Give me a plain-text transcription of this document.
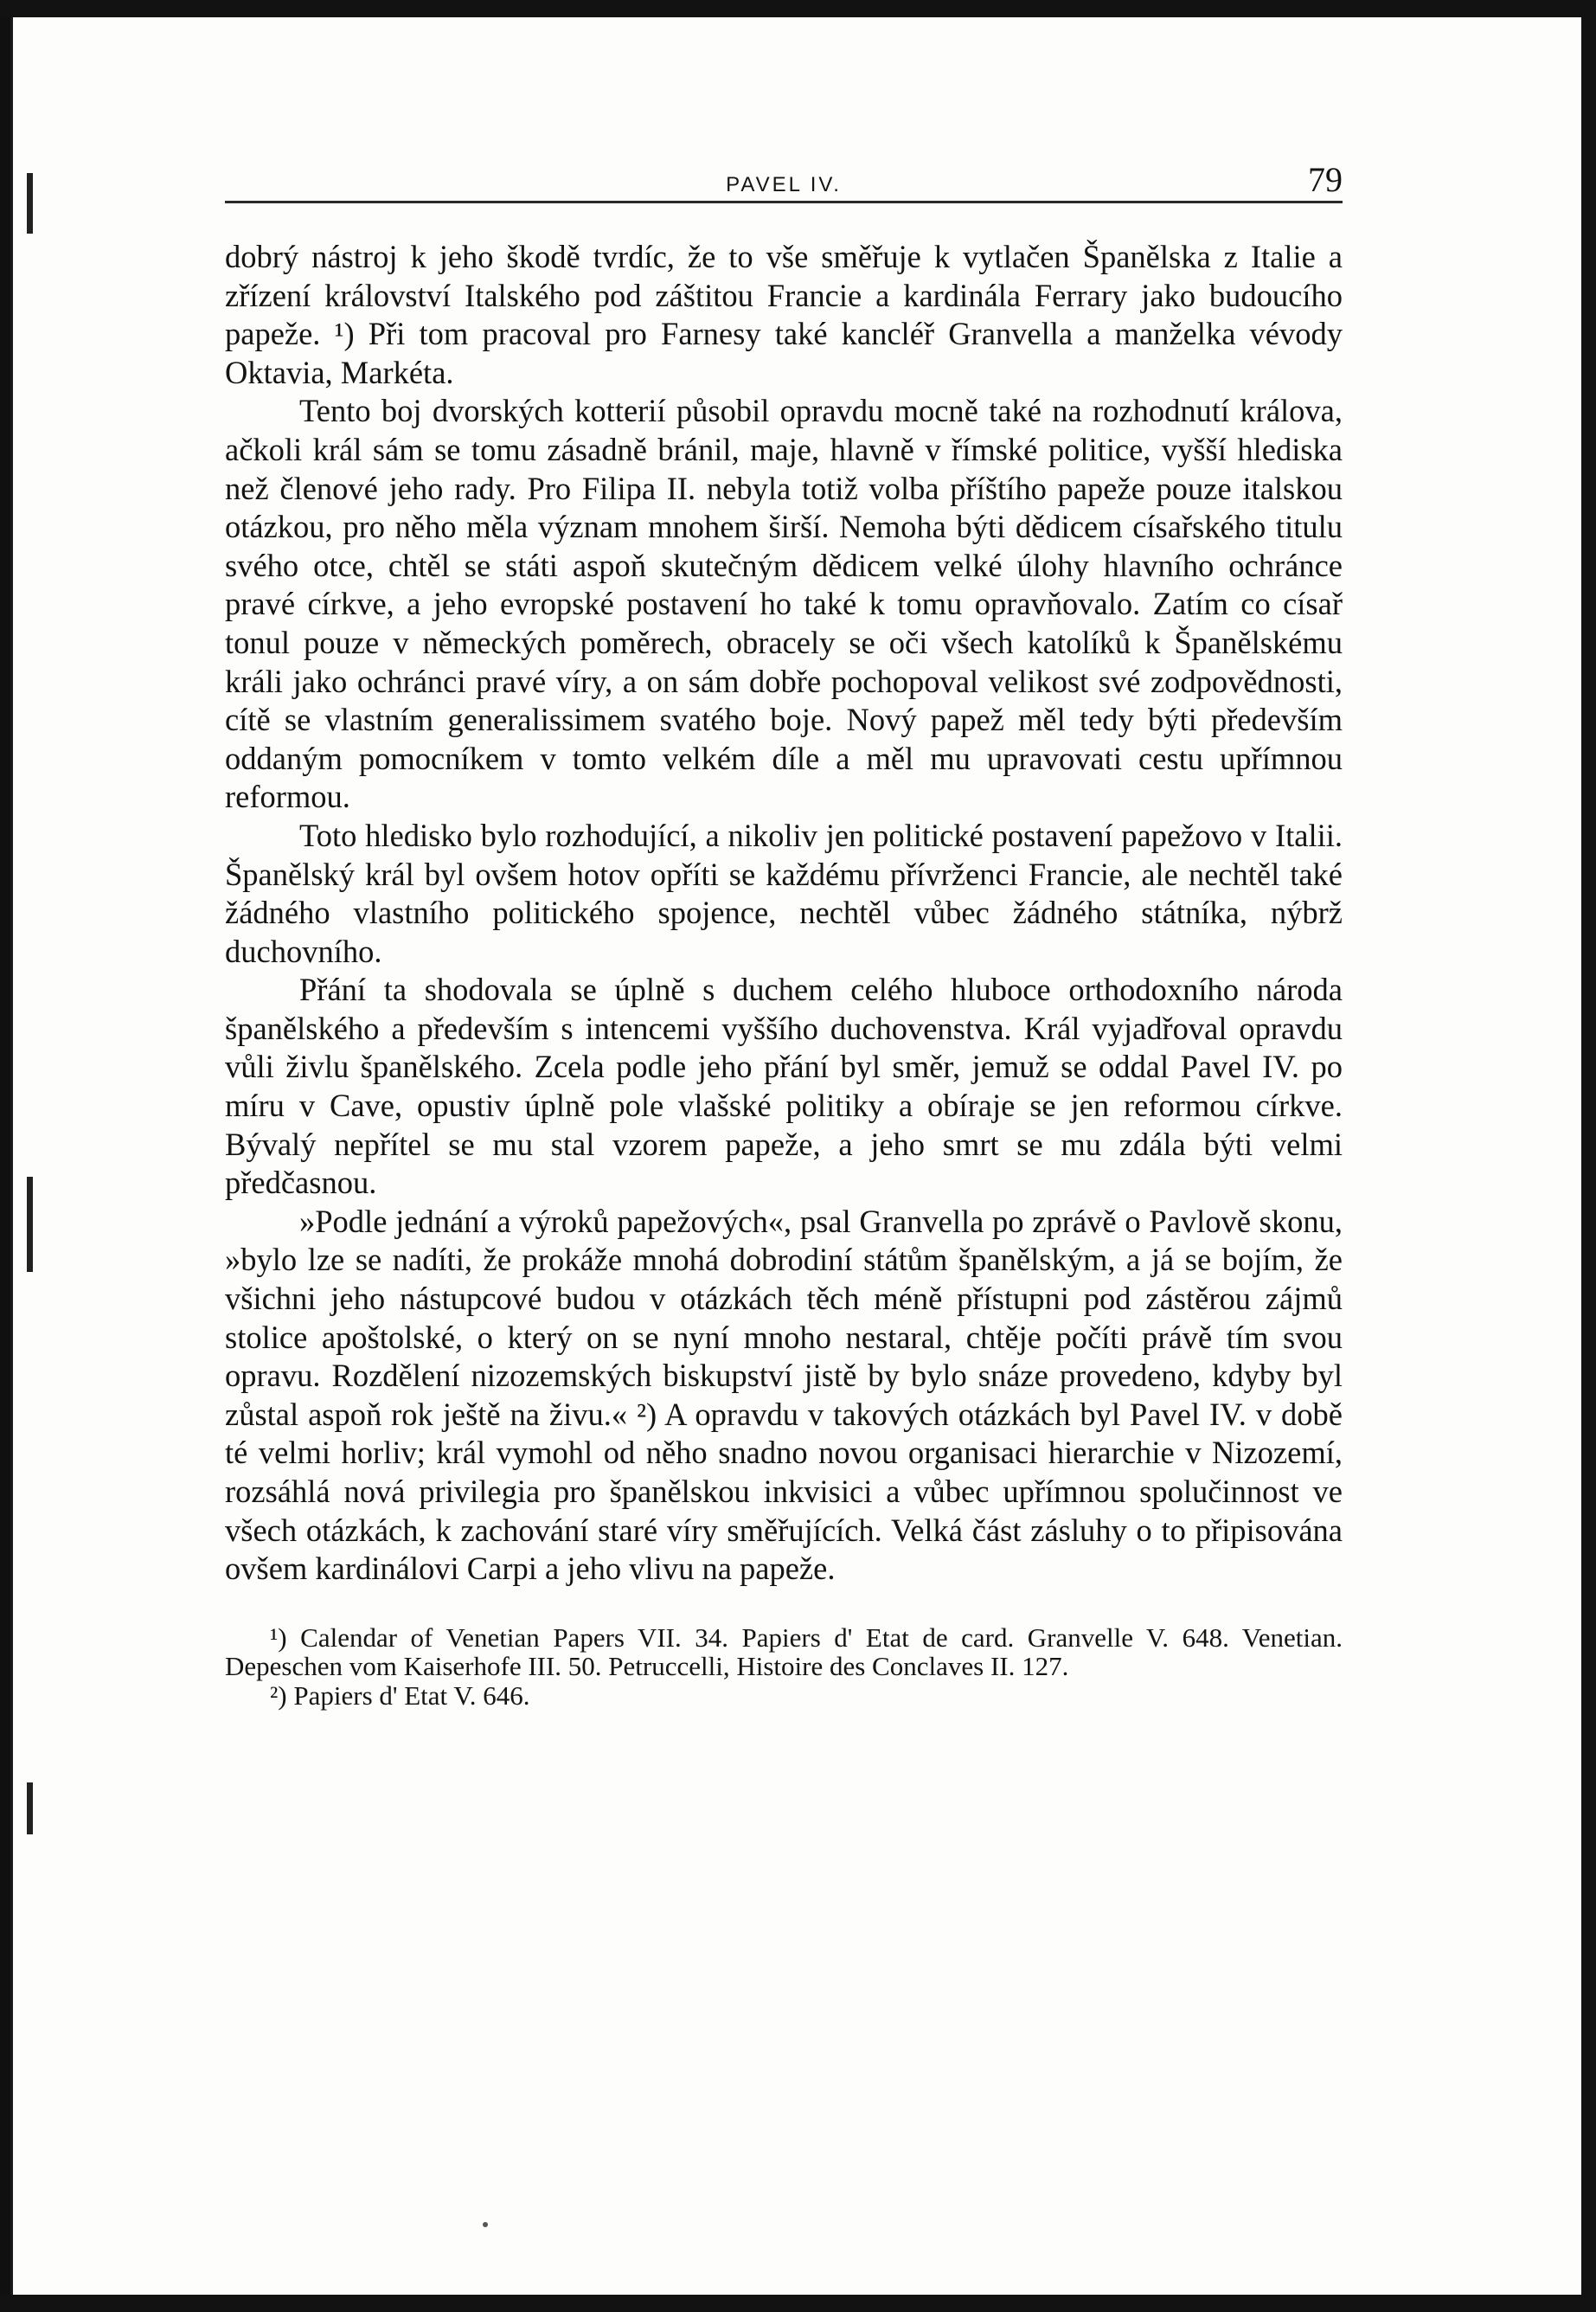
PAVEL IV.	79

dobrý nástroj k jeho škodě tvrdíc, že to vše směřuje k vytlačen Španělska z Italie a zřízení království Italského pod záštitou Francie a kardinála Ferrary jako budoucího papeže. ¹) Při tom pracoval pro Farnesy také kancléř Granvella a manželka vévody Oktavia, Markéta.

Tento boj dvorských kotterií působil opravdu mocně také na rozhodnutí králova, ačkoli král sám se tomu zásadně bránil, maje, hlavně v římské politice, vyšší hlediska než členové jeho rady. Pro Filipa II. nebyla totiž volba příštího papeže pouze italskou otázkou, pro něho měla význam mnohem širší. Nemoha býti dědicem císařského titulu svého otce, chtěl se státi aspoň skutečným dědicem velké úlohy hlavního ochránce pravé církve, a jeho evropské postavení ho také k tomu opravňovalo. Zatím co císař tonul pouze v německých poměrech, obracely se oči všech katolíků k Španělskému králi jako ochránci pravé víry, a on sám dobře pochopoval velikost své zodpovědnosti, cítě se vlastním generalissimem svatého boje. Nový papež měl tedy býti především oddaným pomocníkem v tomto velkém díle a měl mu upravovati cestu upřímnou reformou.

Toto hledisko bylo rozhodující, a nikoliv jen politické postavení papežovo v Italii. Španělský král byl ovšem hotov opříti se každému přívrženci Francie, ale nechtěl také žádného vlastního politického spojence, nechtěl vůbec žádného státníka, nýbrž duchovního.

Přání ta shodovala se úplně s duchem celého hluboce orthodoxního národa španělského a především s intencemi vyššího duchovenstva. Král vyjadřoval opravdu vůli živlu španělského. Zcela podle jeho přání byl směr, jemuž se oddal Pavel IV. po míru v Cave, opustiv úplně pole vlašské politiky a obíraje se jen reformou církve. Bývalý nepřítel se mu stal vzorem papeže, a jeho smrt se mu zdála býti velmi předčasnou.

»Podle jednání a výroků papežových«, psal Granvella po zprávě o Pavlově skonu, »bylo lze se nadíti, že prokáže mnohá dobrodiní státům španělským, a já se bojím, že všichni jeho nástupcové budou v otázkách těch méně přístupni pod zástěrou zájmů stolice apoštolské, o který on se nyní mnoho nestaral, chtěje počíti právě tím svou opravu. Rozdělení nizozemských biskupství jistě by bylo snáze provedeno, kdyby byl zůstal aspoň rok ještě na živu.« ²) A opravdu v takových otázkách byl Pavel IV. v době té velmi horliv; král vymohl od něho snadno novou organisaci hierarchie v Nizozemí, rozsáhlá nová privilegia pro španělskou inkvisici a vůbec upřímnou spolučinnost ve všech otázkách, k zachování staré víry směřujících. Velká část zásluhy o to připisována ovšem kardinálovi Carpi a jeho vlivu na papeže.

¹) Calendar of Venetian Papers VII. 34. Papiers d' Etat de card. Granvelle V. 648. Venetian. Depeschen vom Kaiserhofe III. 50. Petruccelli, Histoire des Conclaves II. 127.

²) Papiers d' Etat V. 646.
